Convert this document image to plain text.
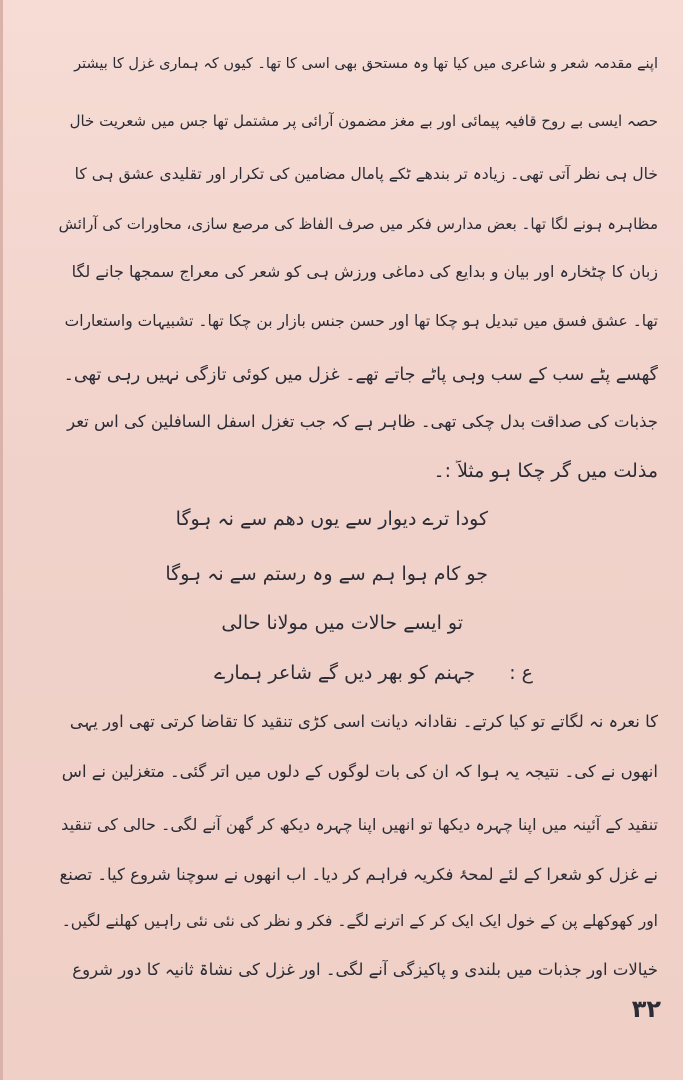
اپنے مقدمہ شعر و شاعری میں کیا تھا وہ مستحق بھی اسی کا تھا۔ کیوں کہ ہماری غزل کا بیشتر
حصہ ایسی بے روح قافیہ پیمائی اور بے مغز مضمون آرائی پر مشتمل تھا جس میں شعریت خال
خال ہی نظر آتی تھی۔ زیادہ تر بندھے ٹکے پامال مضامین کی تکرار اور تقلیدی عشق ہی کا
مظاہرہ ہونے لگا تھا۔ بعض مدارس فکر میں صرف الفاظ کی مرصع سازی، محاورات کی آرائش
زبان کا چٹخارہ اور بیان و بدایع کی دماغی ورزش ہی کو شعر کی معراج سمجھا جانے لگا
تھا۔ عشق فسق میں تبدیل ہو چکا تھا اور حسن جنس بازار بن چکا تھا۔ تشبیہات واستعارات
گھسے پٹے سب کے سب وہی پاٹے جاتے تھے۔ غزل میں کوئی تازگی نہیں رہی تھی۔
جذبات کی صداقت بدل چکی تھی۔ ظاہر ہے کہ جب تغزل اسفل السافلین کی اس تعر
مذلت میں گر چکا ہو مثلاً :۔
کودا ترے دیوار سے یوں دھم سے نہ ہوگا
جو کام ہوا ہم سے وہ رستم سے نہ ہوگا
تو ایسے حالات میں مولانا حالی
ع :  جہنم کو بھر دیں گے شاعر ہمارے
کا نعرہ نہ لگاتے تو کیا کرتے۔ نقادانہ دیانت اسی کڑی تنقید کا تقاضا کرتی تھی اور یہی
انھوں نے کی۔ نتیجہ یہ ہوا کہ ان کی بات لوگوں کے دلوں میں اتر گئی۔ متغزلین نے اس
تنقید کے آئینہ میں اپنا چہرہ دیکھا تو انھیں اپنا چہرہ دیکھ کر گھن آنے لگی۔ حالی کی تنقید
نے غزل کو شعرا کے لئے لمحۂ فکریہ فراہم کر دیا۔ اب انھوں نے سوچنا شروع کیا۔ تصنع
اور کھوکھلے پن کے خول ایک ایک کر کے اترنے لگے۔ فکر و نظر کی نئی نئی راہیں کھلنے لگیں۔
خیالات اور جذبات میں بلندی و پاکیزگی آنے لگی۔ اور غزل کی نشاۃ ثانیہ کا دور شروع
۳۲
